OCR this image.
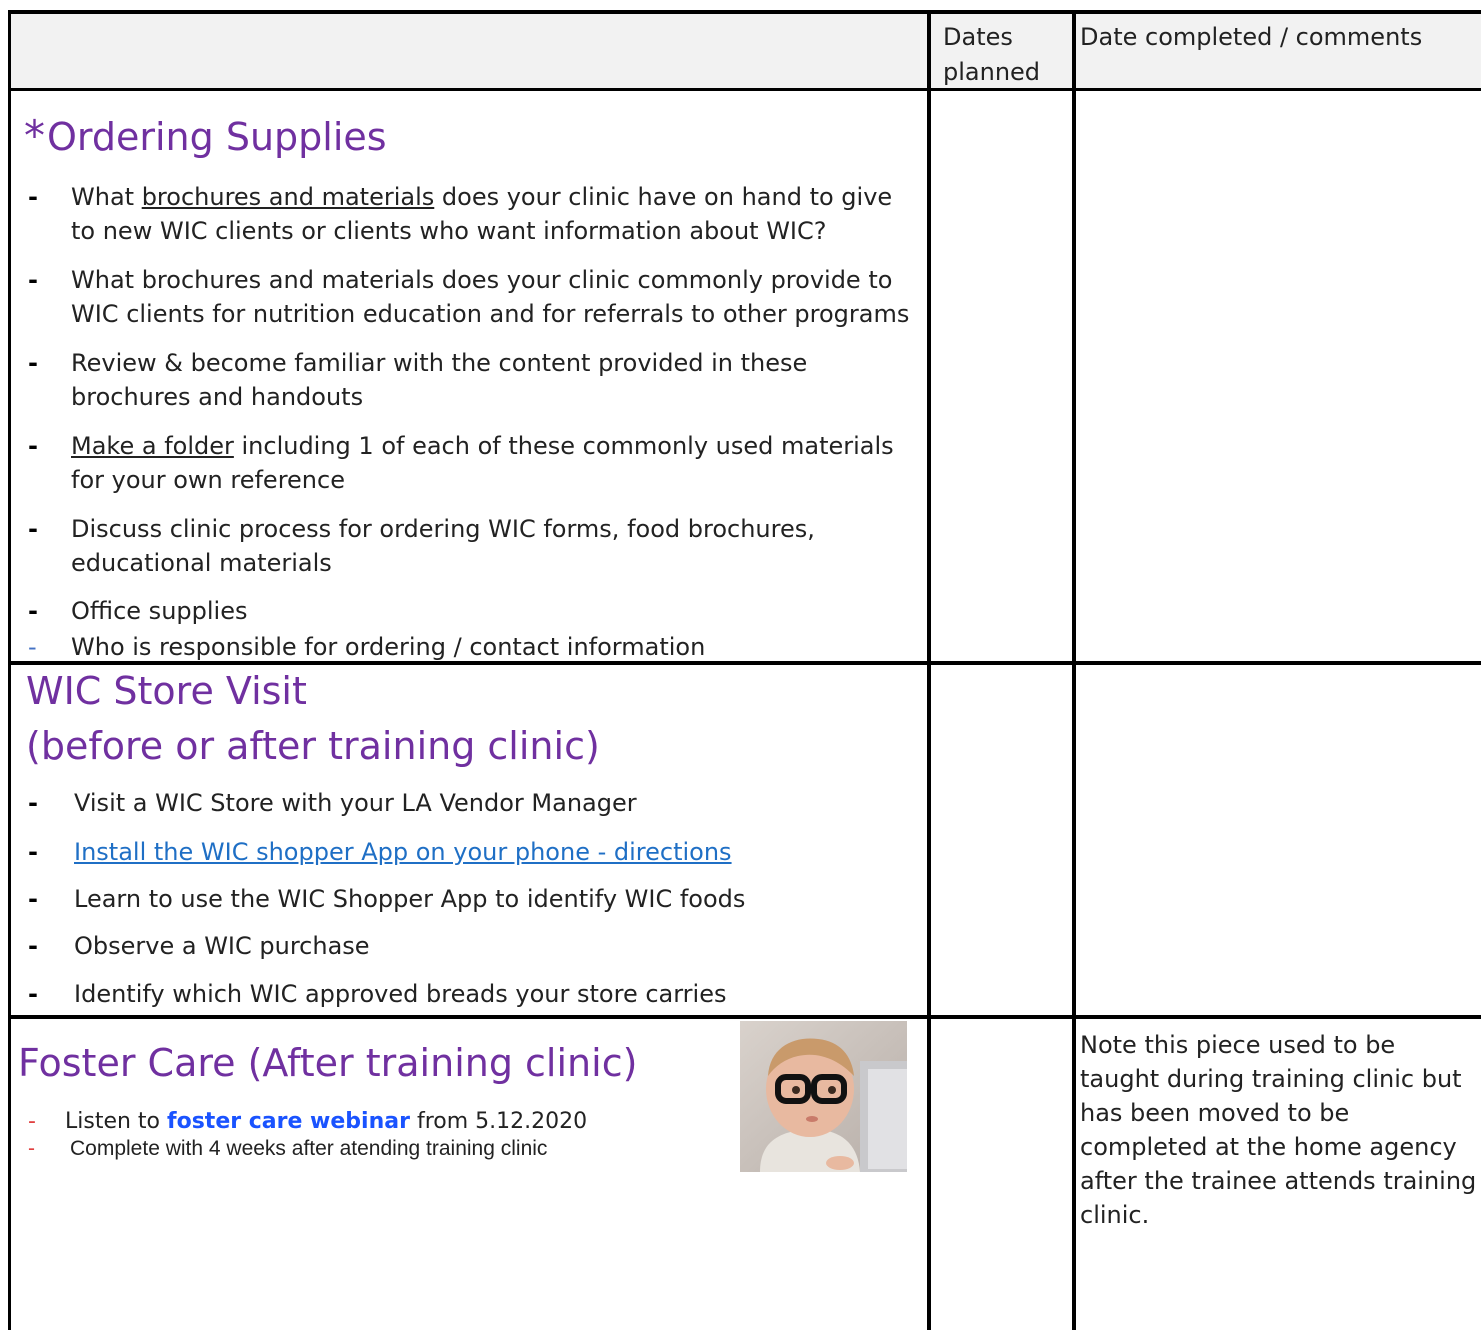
Dates planned
Date completed / comments
*Ordering Supplies
- What brochures and materials does your clinic have on hand to give to new WIC clients or clients who want information about WIC?
- What brochures and materials does your clinic commonly provide to WIC clients for nutrition education and for referrals to other programs
- Review & become familiar with the content provided in these brochures and handouts
- Make a folder including 1 of each of these commonly used materials for your own reference
- Discuss clinic process for ordering WIC forms, food brochures, educational materials
- Office supplies
- Who is responsible for ordering / contact information
WIC Store Visit
(before or after training clinic)
- Visit a WIC Store with your LA Vendor Manager
- Install the WIC shopper App on your phone - directions
- Learn to use the WIC Shopper App to identify WIC foods
- Observe a WIC purchase
- Identify which WIC approved breads your store carries
Foster Care (After training clinic)
- Listen to foster care webinar from 5.12.2020
- Complete with 4 weeks after atending training clinic
Note this piece used to be taught during training clinic but has been moved to be completed at the home agency after the trainee attends training clinic.
